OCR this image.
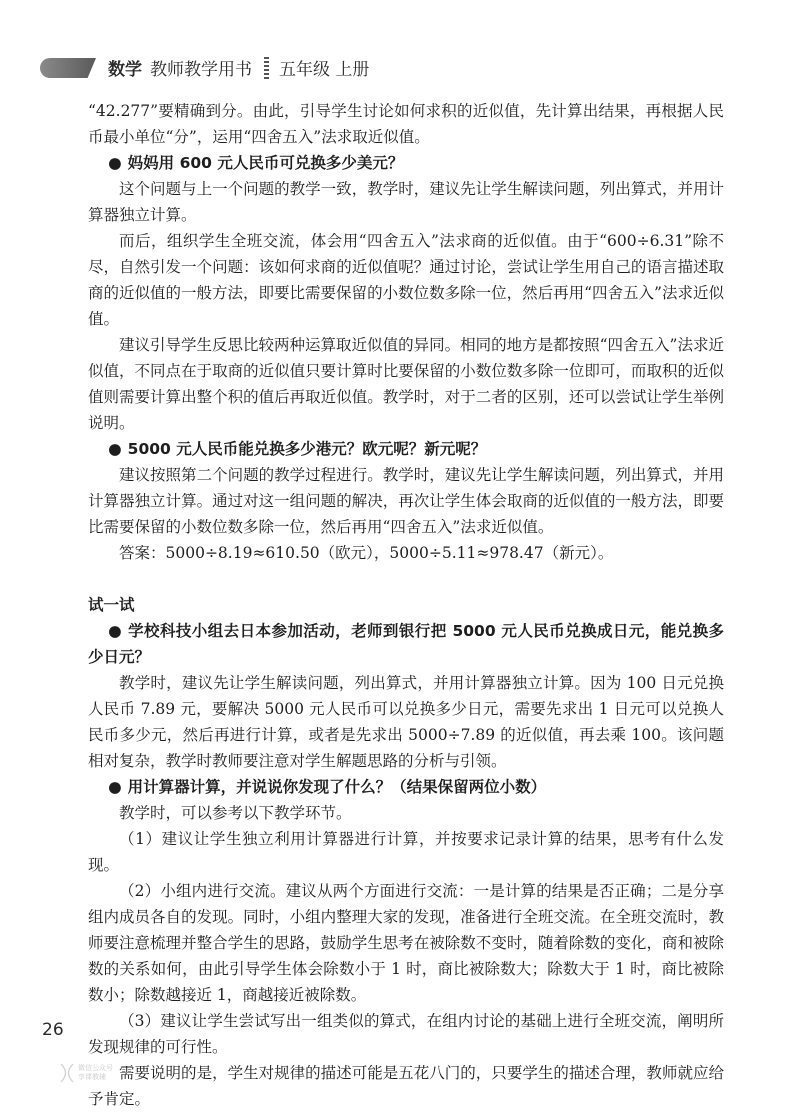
数学 教师教学用书 五年级 上册

“42.277”要精确到分。由此，引导学生讨论如何求积的近似值，先计算出结果，再根据人民币最小单位“分”，运用“四舍五入”法求取近似值。

● 妈妈用 600 元人民币可兑换多少美元？

这个问题与上一个问题的教学一致，教学时，建议先让学生解读问题，列出算式，并用计算器独立计算。

而后，组织学生全班交流，体会用“四舍五入”法求商的近似值。由于“600÷6.31”除不尽，自然引发一个问题：该如何求商的近似值呢？通过讨论，尝试让学生用自己的语言描述取商的近似值的一般方法，即要比需要保留的小数位数多除一位，然后再用“四舍五入”法求近似值。

建议引导学生反思比较两种运算取近似值的异同。相同的地方是都按照“四舍五入”法求近似值，不同点在于取商的近似值只要计算时比要保留的小数位数多除一位即可，而取积的近似值则需要计算出整个积的值后再取近似值。教学时，对于二者的区别，还可以尝试让学生举例说明。

● 5000 元人民币能兑换多少港元？欧元呢？新元呢？

建议按照第二个问题的教学过程进行。教学时，建议先让学生解读问题，列出算式，并用计算器独立计算。通过对这一组问题的解决，再次让学生体会取商的近似值的一般方法，即要比需要保留的小数位数多除一位，然后再用“四舍五入”法求近似值。

答案：5000÷8.19≈610.50（欧元），5000÷5.11≈978.47（新元）。

试一试

● 学校科技小组去日本参加活动，老师到银行把 5000 元人民币兑换成日元，能兑换多少日元？

教学时，建议先让学生解读问题，列出算式，并用计算器独立计算。因为 100 日元兑换人民币 7.89 元，要解决 5000 元人民币可以兑换多少日元，需要先求出 1 日元可以兑换人民币多少元，然后再进行计算，或者是先求出 5000÷7.89 的近似值，再去乘 100。该问题相对复杂，教学时教师要注意对学生解题思路的分析与引领。

● 用计算器计算，并说说你发现了什么？（结果保留两位小数）

教学时，可以参考以下教学环节。

（1）建议让学生独立利用计算器进行计算，并按要求记录计算的结果，思考有什么发现。

（2）小组内进行交流。建议从两个方面进行交流：一是计算的结果是否正确；二是分享组内成员各自的发现。同时，小组内整理大家的发现，准备进行全班交流。在全班交流时，教师要注意梳理并整合学生的思路，鼓励学生思考在被除数不变时，随着除数的变化，商和被除数的关系如何，由此引导学生体会除数小于 1 时，商比被除数大；除数大于 1 时，商比被除数小；除数越接近 1，商越接近被除数。

（3）建议让学生尝试写出一组类似的算式，在组内讨论的基础上进行全班交流，阐明所发现规律的可行性。

需要说明的是，学生对规律的描述可能是五花八门的，只要学生的描述合理，教师就应给予肯定。

26
微信公众号
享课教辅
